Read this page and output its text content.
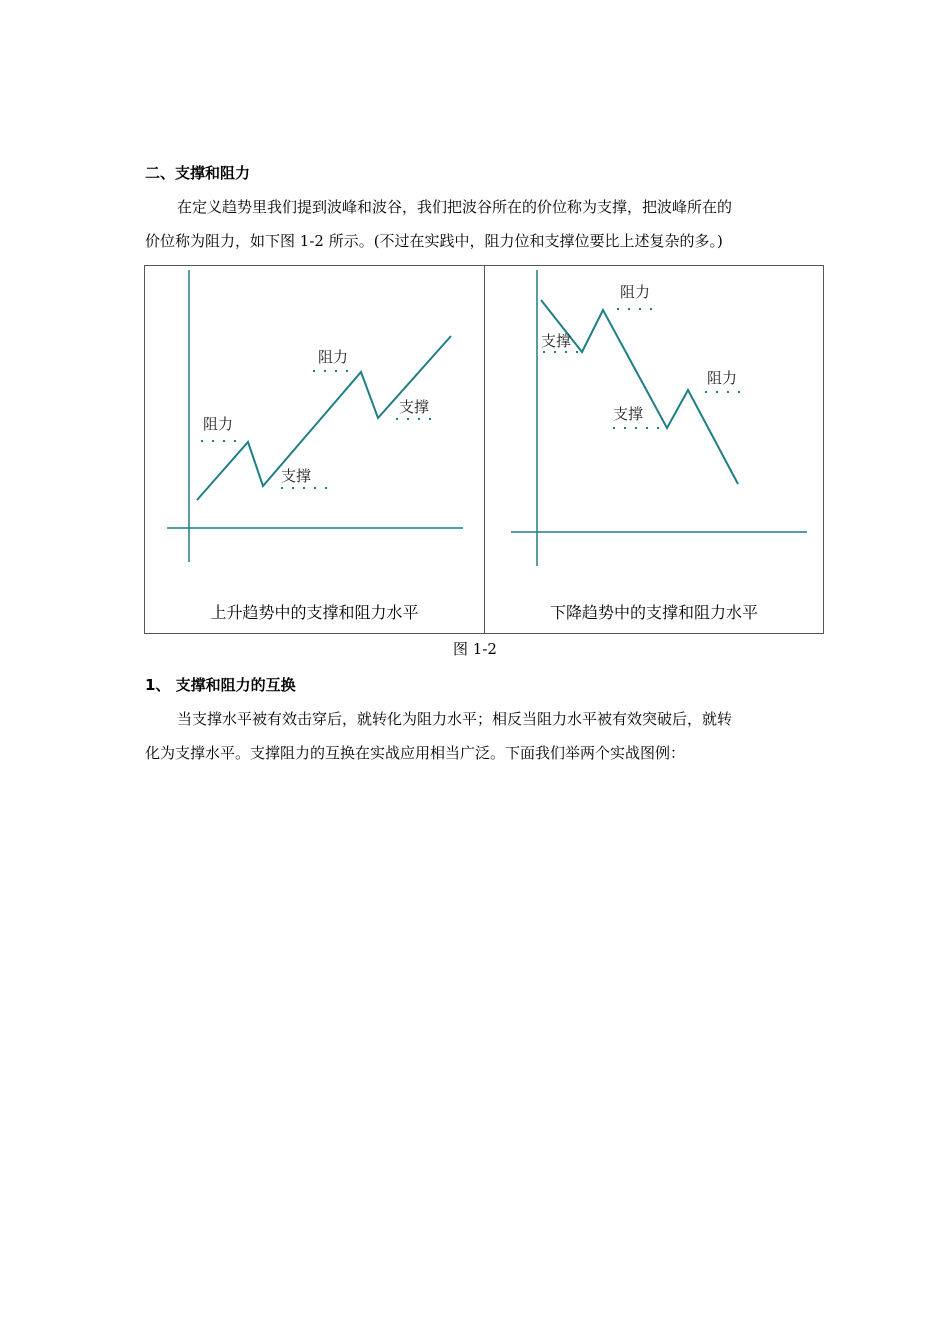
二、支撑和阻力
在定义趋势里我们提到波峰和波谷，我们把波谷所在的价位称为支撑，把波峰所在的
价位称为阻力，如下图 1-2 所示。(不过在实践中，阻力位和支撑位要比上述复杂的多。)
阻力
支撑
阻力
支撑
上升趋势中的支撑和阻力水平
支撑
阻力
支撑
阻力
下降趋势中的支撑和阻力水平
图 1-2
1、 支撑和阻力的互换
当支撑水平被有效击穿后，就转化为阻力水平；相反当阻力水平被有效突破后，就转
化为支撑水平。支撑阻力的互换在实战应用相当广泛。下面我们举两个实战图例：
